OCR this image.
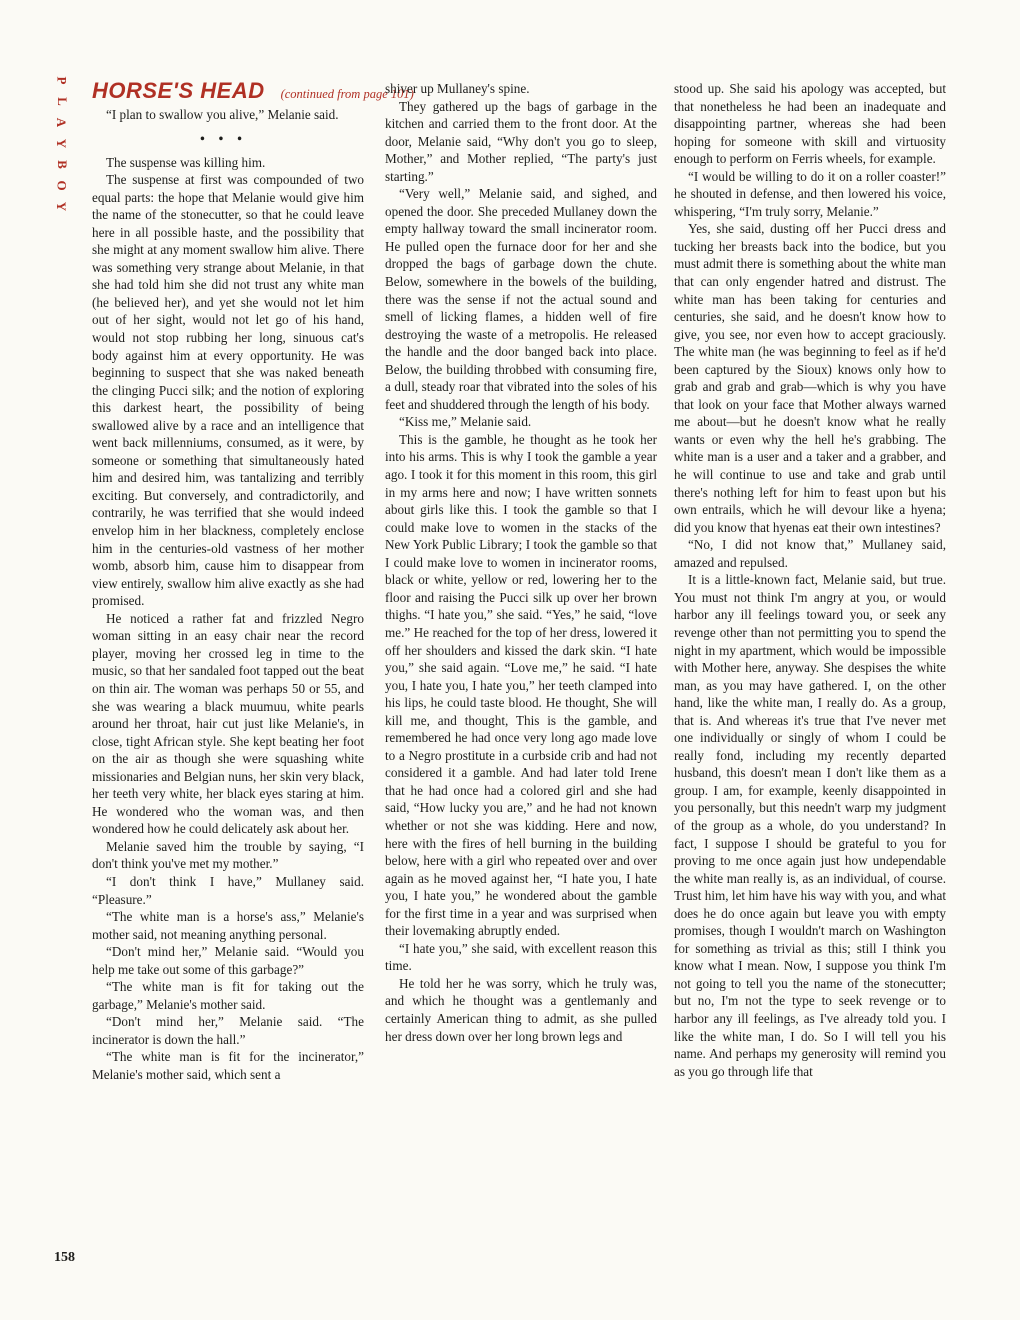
P
L
A
Y
B
O
Y
HORSE'S HEAD (continued from page 101)

“I plan to swallow you alive,” Melanie said.

•••

The suspense was killing him.

The suspense at first was compounded of two equal parts: the hope that Melanie would give him the name of the stonecutter, so that he could leave here in all possible haste, and the possibility that she might at any moment swallow him alive. There was something very strange about Melanie, in that she had told him she did not trust any white man (he believed her), and yet she would not let him out of her sight, would not let go of his hand, would not stop rubbing her long, sinuous cat's body against him at every opportunity. He was beginning to suspect that she was naked beneath the clinging Pucci silk; and the notion of exploring this darkest heart, the possibility of being swallowed alive by a race and an intelligence that went back millenniums, consumed, as it were, by someone or something that simultaneously hated him and desired him, was tantalizing and terribly exciting. But conversely, and contradictorily, and contrarily, he was terrified that she would indeed envelop him in her blackness, completely enclose him in the centuries-old vastness of her mother womb, absorb him, cause him to disappear from view entirely, swallow him alive exactly as she had promised.

He noticed a rather fat and frizzled Negro woman sitting in an easy chair near the record player, moving her crossed leg in time to the music, so that her sandaled foot tapped out the beat on thin air. The woman was perhaps 50 or 55, and she was wearing a black muumuu, white pearls around her throat, hair cut just like Melanie's, in close, tight African style. She kept beating her foot on the air as though she were squashing white missionaries and Belgian nuns, her skin very black, her teeth very white, her black eyes staring at him. He wondered who the woman was, and then wondered how he could delicately ask about her.

Melanie saved him the trouble by saying, “I don't think you've met my mother.”

“I don't think I have,” Mullaney said. “Pleasure.”

“The white man is a horse's ass,” Melanie's mother said, not meaning anything personal.

“Don't mind her,” Melanie said. “Would you help me take out some of this garbage?”

“The white man is fit for taking out the garbage,” Melanie's mother said.

“Don't mind her,” Melanie said. “The incinerator is down the hall.”

“The white man is fit for the incinerator,” Melanie's mother said, which sent a

shiver up Mullaney's spine.

They gathered up the bags of garbage in the kitchen and carried them to the front door. At the door, Melanie said, “Why don't you go to sleep, Mother,” and Mother replied, “The party's just starting.”

“Very well,” Melanie said, and sighed, and opened the door. She preceded Mullaney down the empty hallway toward the small incinerator room. He pulled open the furnace door for her and she dropped the bags of garbage down the chute. Below, somewhere in the bowels of the building, there was the sense if not the actual sound and smell of licking flames, a hidden well of fire destroying the waste of a metropolis. He released the handle and the door banged back into place. Below, the building throbbed with consuming fire, a dull, steady roar that vibrated into the soles of his feet and shuddered through the length of his body.

“Kiss me,” Melanie said.

This is the gamble, he thought as he took her into his arms. This is why I took the gamble a year ago. I took it for this moment in this room, this girl in my arms here and now; I have written sonnets about girls like this. I took the gamble so that I could make love to women in the stacks of the New York Public Library; I took the gamble so that I could make love to women in incinerator rooms, black or white, yellow or red, lowering her to the floor and raising the Pucci silk up over her brown thighs. “I hate you,” she said. “Yes,” he said, “love me.” He reached for the top of her dress, lowered it off her shoulders and kissed the dark skin. “I hate you,” she said again. “Love me,” he said. “I hate you, I hate you, I hate you,” her teeth clamped into his lips, he could taste blood. He thought, She will kill me, and thought, This is the gamble, and remembered he had once very long ago made love to a Negro prostitute in a curbside crib and had not considered it a gamble. And had later told Irene that he had once had a colored girl and she had said, “How lucky you are,” and he had not known whether or not she was kidding. Here and now, here with the fires of hell burning in the building below, here with a girl who repeated over and over again as he moved against her, “I hate you, I hate you, I hate you,” he wondered about the gamble for the first time in a year and was surprised when their lovemaking abruptly ended.

“I hate you,” she said, with excellent reason this time.

He told her he was sorry, which he truly was, and which he thought was a gentlemanly and certainly American thing to admit, as she pulled her dress down over her long brown legs and

stood up. She said his apology was accepted, but that nonetheless he had been an inadequate and disappointing partner, whereas she had been hoping for someone with skill and virtuosity enough to perform on Ferris wheels, for example.

“I would be willing to do it on a roller coaster!” he shouted in defense, and then lowered his voice, whispering, “I'm truly sorry, Melanie.”

Yes, she said, dusting off her Pucci dress and tucking her breasts back into the bodice, but you must admit there is something about the white man that can only engender hatred and distrust. The white man has been taking for centuries and centuries, she said, and he doesn't know how to give, you see, nor even how to accept graciously. The white man (he was beginning to feel as if he'd been captured by the Sioux) knows only how to grab and grab and grab—which is why you have that look on your face that Mother always warned me about—but he doesn't know what he really wants or even why the hell he's grabbing. The white man is a user and a taker and a grabber, and he will continue to use and take and grab until there's nothing left for him to feast upon but his own entrails, which he will devour like a hyena; did you know that hyenas eat their own intestines?

“No, I did not know that,” Mullaney said, amazed and repulsed.

It is a little-known fact, Melanie said, but true. You must not think I'm angry at you, or would harbor any ill feelings toward you, or seek any revenge other than not permitting you to spend the night in my apartment, which would be impossible with Mother here, anyway. She despises the white man, as you may have gathered. I, on the other hand, like the white man, I really do. As a group, that is. And whereas it's true that I've never met one individually or singly of whom I could be really fond, including my recently departed husband, this doesn't mean I don't like them as a group. I am, for example, keenly disappointed in you personally, but this needn't warp my judgment of the group as a whole, do you understand? In fact, I suppose I should be grateful to you for proving to me once again just how undependable the white man really is, as an individual, of course. Trust him, let him have his way with you, and what does he do once again but leave you with empty promises, though I wouldn't march on Washington for something as trivial as this; still I think you know what I mean. Now, I suppose you think I'm not going to tell you the name of the stonecutter; but no, I'm not the type to seek revenge or to harbor any ill feelings, as I've already told you. I like the white man, I do. So I will tell you his name. And perhaps my generosity will remind you as you go through life that

158
